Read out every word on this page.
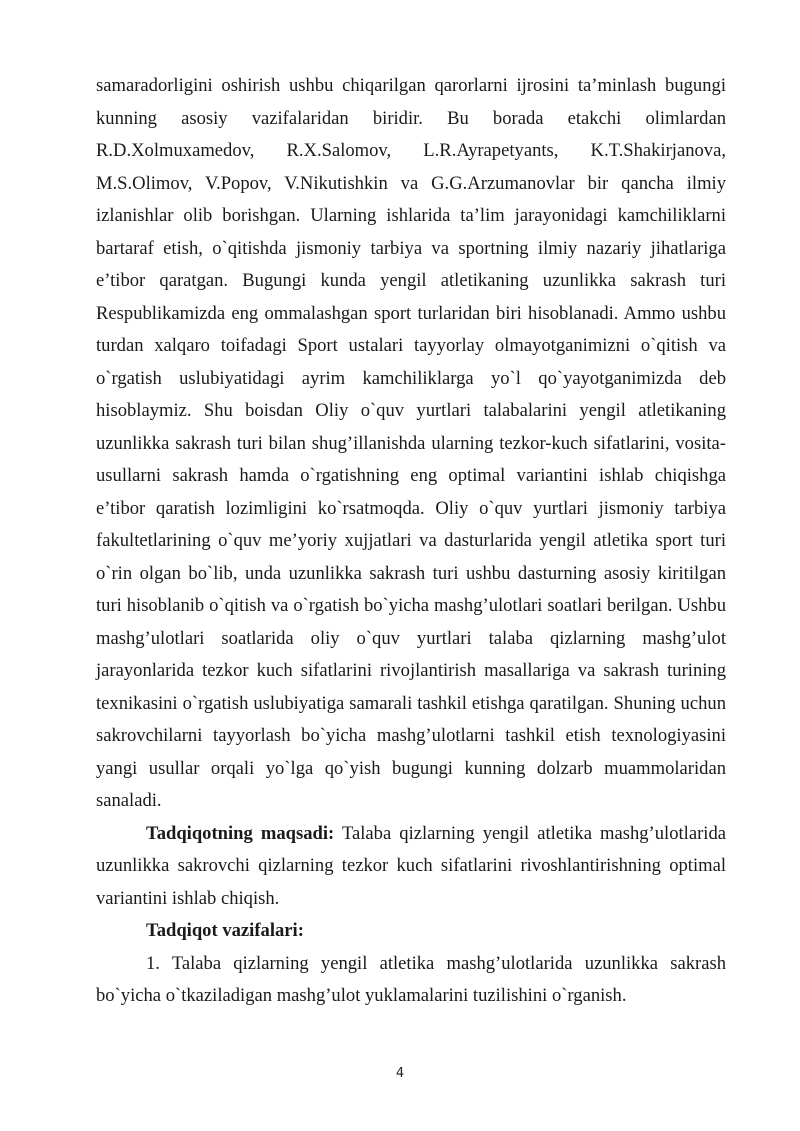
samaradorligini oshirish ushbu chiqarilgan qarorlarni ijrosini ta’minlash bugungi kunning asosiy vazifalaridan biridir. Bu borada etakchi olimlardan R.D.Xolmuxamedov, R.X.Salomov, L.R.Ayrapetyants, K.T.Shakirjanova, M.S.Olimov, V.Popov, V.Nikutishkin va G.G.Arzumanovlar bir qancha ilmiy izlanishlar olib borishgan. Ularning ishlarida ta’lim jarayonidagi kamchiliklarni bartaraf etish, o`qitishda jismoniy tarbiya va sportning ilmiy nazariy jihatlariga e’tibor qaratgan. Bugungi kunda yengil atletikaning uzunlikka sakrash turi Respublikamizda eng ommalashgan sport turlaridan biri hisoblanadi. Ammo ushbu turdan xalqaro toifadagi Sport ustalari tayyorlay olmayotganimizni o`qitish va o`rgatish uslubiyatidagi ayrim kamchiliklarga yo`l qo`yayotganimizda deb hisoblaymiz. Shu boisdan Oliy o`quv yurtlari talabalarini yengil atletikaning uzunlikka sakrash turi bilan shug’illanishda ularning tezkor-kuch sifatlarini, vosita-usullarni sakrash hamda o`rgatishning eng optimal variantini ishlab chiqishga e’tibor qaratish lozimligini ko`rsatmoqda. Oliy o`quv yurtlari jismoniy tarbiya fakultetlarining o`quv me’yoriy xujjatlari va dasturlarida yengil atletika sport turi o`rin olgan bo`lib, unda uzunlikka sakrash turi ushbu dasturning asosiy kiritilgan turi hisoblanib o`qitish va o`rgatish bo`yicha mashg’ulotlari soatlari berilgan. Ushbu mashg’ulotlari soatlarida oliy o`quv yurtlari talaba qizlarning mashg’ulot jarayonlarida tezkor kuch sifatlarini rivojlantirish masallariga va sakrash turining texnikasini o`rgatish uslubiyatiga samarali tashkil etishga qaratilgan. Shuning uchun sakrovchilarni tayyorlash bo`yicha mashg’ulotlarni tashkil etish texnologiyasini yangi usullar orqali yo`lga qo`yish bugungi kunning dolzarb muammolaridan sanaladi.

Tadqiqotning maqsadi: Talaba qizlarning yengil atletika mashg’ulotlarida uzunlikka sakrovchi qizlarning tezkor kuch sifatlarini rivoshlantirishning optimal variantini ishlab chiqish.

Tadqiqot vazifalari:

1. Talaba qizlarning yengil atletika mashg’ulotlarida uzunlikka sakrash bo`yicha o`tkaziladigan mashg’ulot yuklamalarini tuzilishini o`rganish.

4
